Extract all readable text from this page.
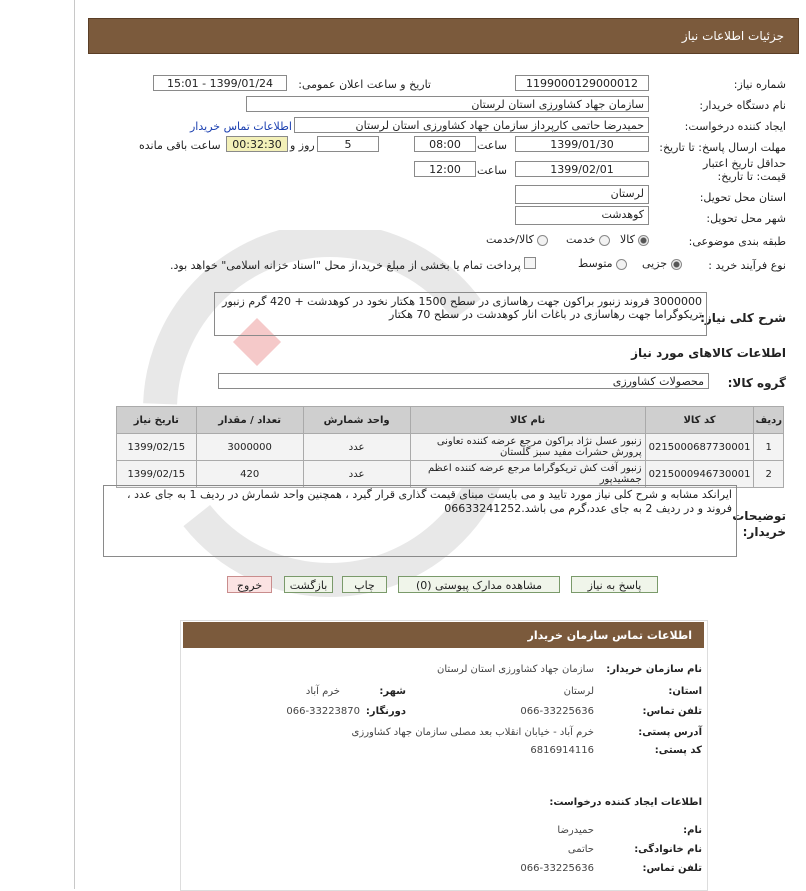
جزئیات اطلاعات نیاز
شماره نیاز:
1199000129000012
تاریخ و ساعت اعلان عمومی:
1399/01/24 - 15:01
نام دستگاه خریدار:
سازمان جهاد کشاورزی استان لرستان
ایجاد کننده درخواست:
حمیدرضا حاتمی کارپرداز سازمان جهاد کشاورزی استان لرستان
اطلاعات تماس خریدار
مهلت ارسال پاسخ: تا تاریخ:
1399/01/30
ساعت
08:00
5
روز و
00:32:30
ساعت باقی مانده
حداقل تاریخ اعتبار قیمت: تا تاریخ:
1399/02/01
ساعت
12:00
استان محل تحویل:
لرستان
شهر محل تحویل:
کوهدشت
طبقه بندی موضوعی:
کالا
خدمت
کالا/خدمت
نوع فرآیند خرید :
جزیی
متوسط
پرداخت تمام یا بخشی از مبلغ خرید،از محل "اسناد خزانه اسلامی" خواهد بود.
شرح کلی نیاز:
3000000 فروند زنبور براکون جهت رهاسازی در سطح 1500 هکتار نخود در کوهدشت + 420 گرم زنبور
تریکوگراما جهت رهاسازی در باغات انار کوهدشت در سطح 70 هکتار
اطلاعات کالاهای مورد نیاز
گروه کالا:
محصولات کشاورزی
ردیف	کد کالا	نام کالا	واحد شمارش	تعداد / مقدار	تاریخ نیاز
1	0215000687730001	زنبور عسل نژاد براکون مرجع عرضه کننده تعاونی پرورش حشرات مفید سبز گلستان	عدد	3000000	1399/02/15
2	0215000946730001	زنبور آفت کش تریکوگراما مرجع عرضه کننده اعظم جمشیدپور	عدد	420	1399/02/15
توضیحات خریدار:
ایرانکد مشابه و شرح کلی نیاز مورد تایید و می بایست مبنای قیمت گذاری قرار گیرد ، همچنین واحد شمارش در ردیف 1 به جای عدد ، فروند و در ردیف 2 به جای عدد،گرم می باشد.06633241252
پاسخ به نیاز
مشاهده مدارک پیوستی (0)
چاپ
بازگشت
خروج
اطلاعات تماس سازمان خریدار
نام سازمان خریدار:
سازمان جهاد کشاورزی استان لرستان
استان:
لرستان
شهر:
خرم آباد
تلفن تماس:
066-33225636
دورنگار:
066-33223870
آدرس پستی:
خرم آباد - خیابان انقلاب بعد مصلی سازمان جهاد کشاورزی
کد پستی:
6816914116
اطلاعات ایجاد کننده درخواست:
نام:
حمیدرضا
نام خانوادگی:
حاتمی
تلفن تماس:
066-33225636
